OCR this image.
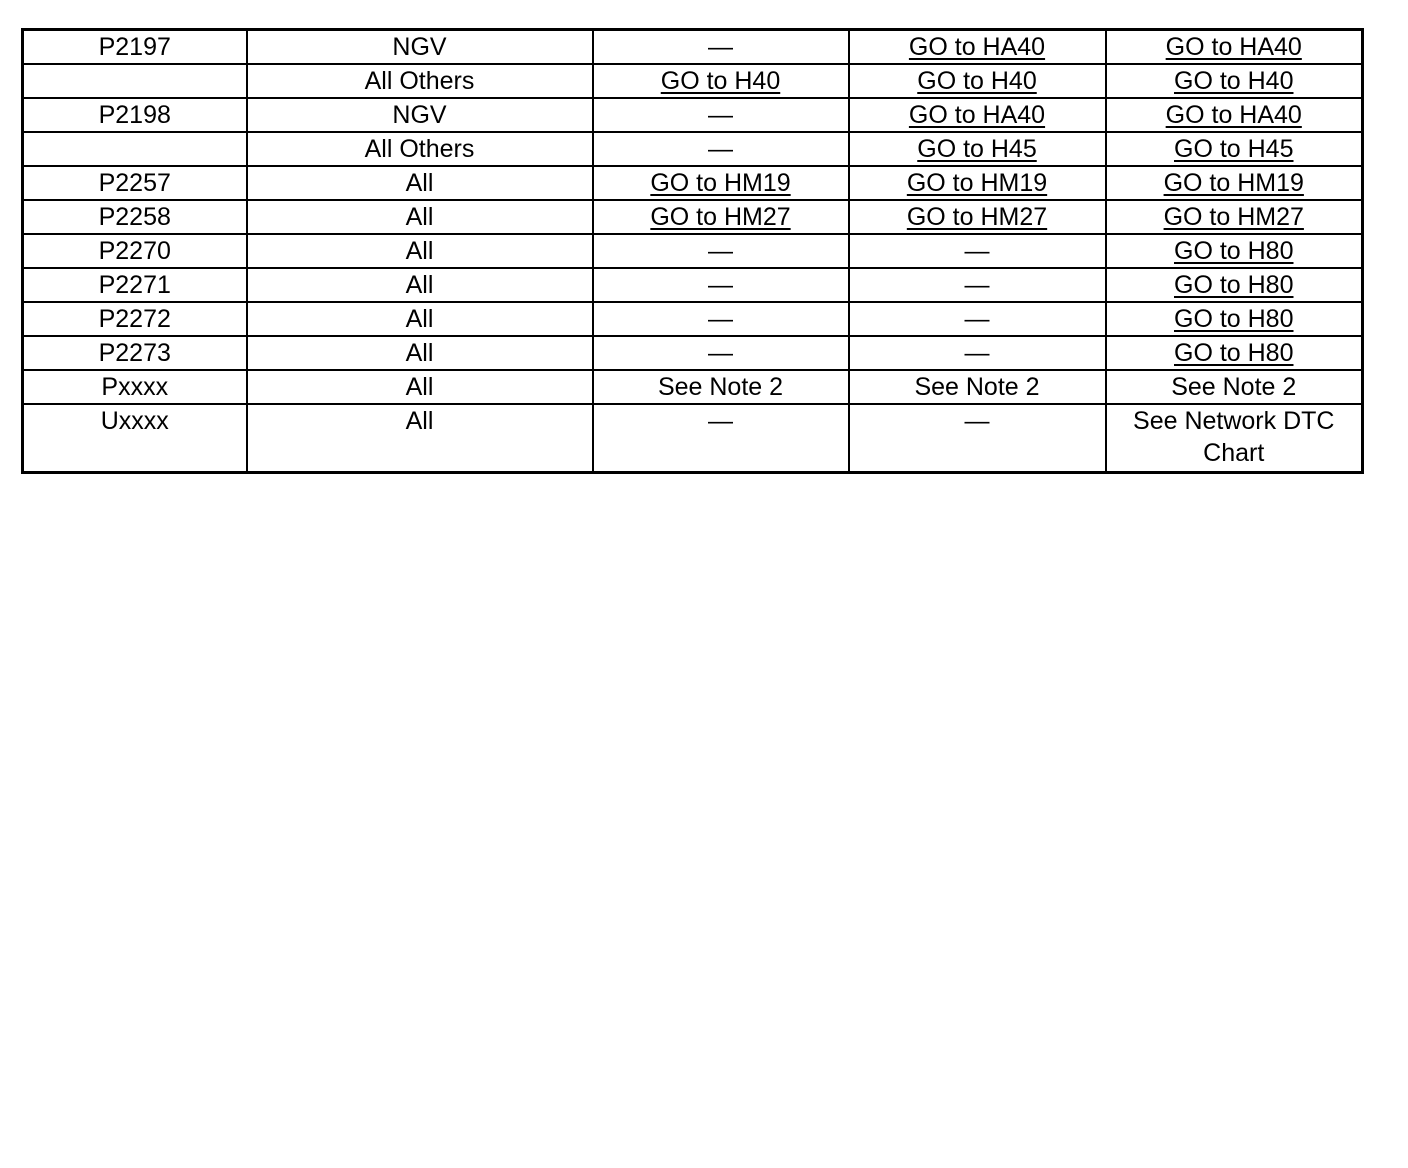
P2197	NGV	—	GO to HA40	GO to HA40
	All Others	GO to H40	GO to H40	GO to H40
P2198	NGV	—	GO to HA40	GO to HA40
	All Others	—	GO to H45	GO to H45
P2257	All	GO to HM19	GO to HM19	GO to HM19
P2258	All	GO to HM27	GO to HM27	GO to HM27
P2270	All	—	—	GO to H80
P2271	All	—	—	GO to H80
P2272	All	—	—	GO to H80
P2273	All	—	—	GO to H80
Pxxxx	All	See Note 2	See Note 2	See Note 2
Uxxxx	All	—	—	See Network DTC Chart
